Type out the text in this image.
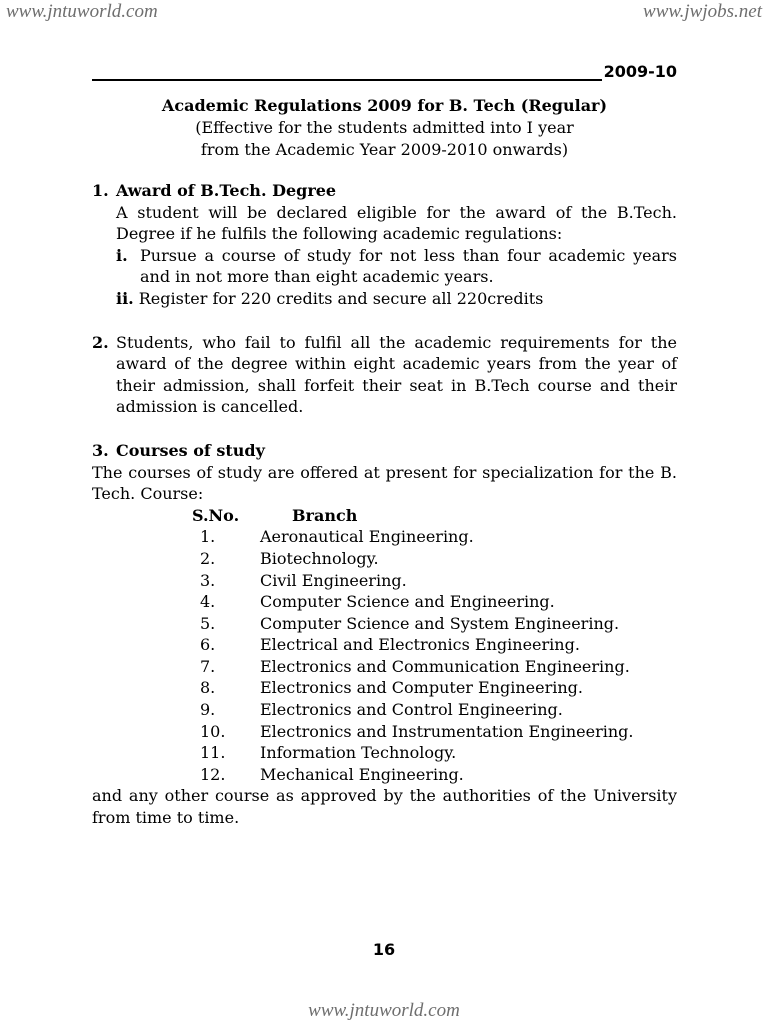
www.jntuworld.com	www.jwjobs.net
2009-10
Academic Regulations 2009 for B. Tech (Regular)
(Effective for the students admitted into I year
from the Academic Year 2009-2010 onwards)
1. Award of B.Tech. Degree
A student will be declared eligible for the award of the B.Tech. Degree if he fulfils the following academic regulations:
i. Pursue a course of study for not less than four academic years and in not more than eight academic years.
ii. Register for 220 credits and secure all 220credits
2. Students, who fail to fulfil all the academic requirements for the award of the degree within eight academic years from the year of their admission, shall forfeit their seat in B.Tech course and their admission is cancelled.
3. Courses of study
The courses of study are offered at present for specialization for the B. Tech. Course:
S.No.	Branch
1.	Aeronautical Engineering.
2.	Biotechnology.
3.	Civil Engineering.
4.	Computer Science and Engineering.
5.	Computer Science and System Engineering.
6.	Electrical and Electronics Engineering.
7.	Electronics and Communication Engineering.
8.	Electronics and Computer Engineering.
9.	Electronics and Control Engineering.
10.	Electronics and Instrumentation Engineering.
11.	Information Technology.
12.	Mechanical Engineering.
and any other course as approved by the authorities of the University from time to time.
16
www.jntuworld.com
